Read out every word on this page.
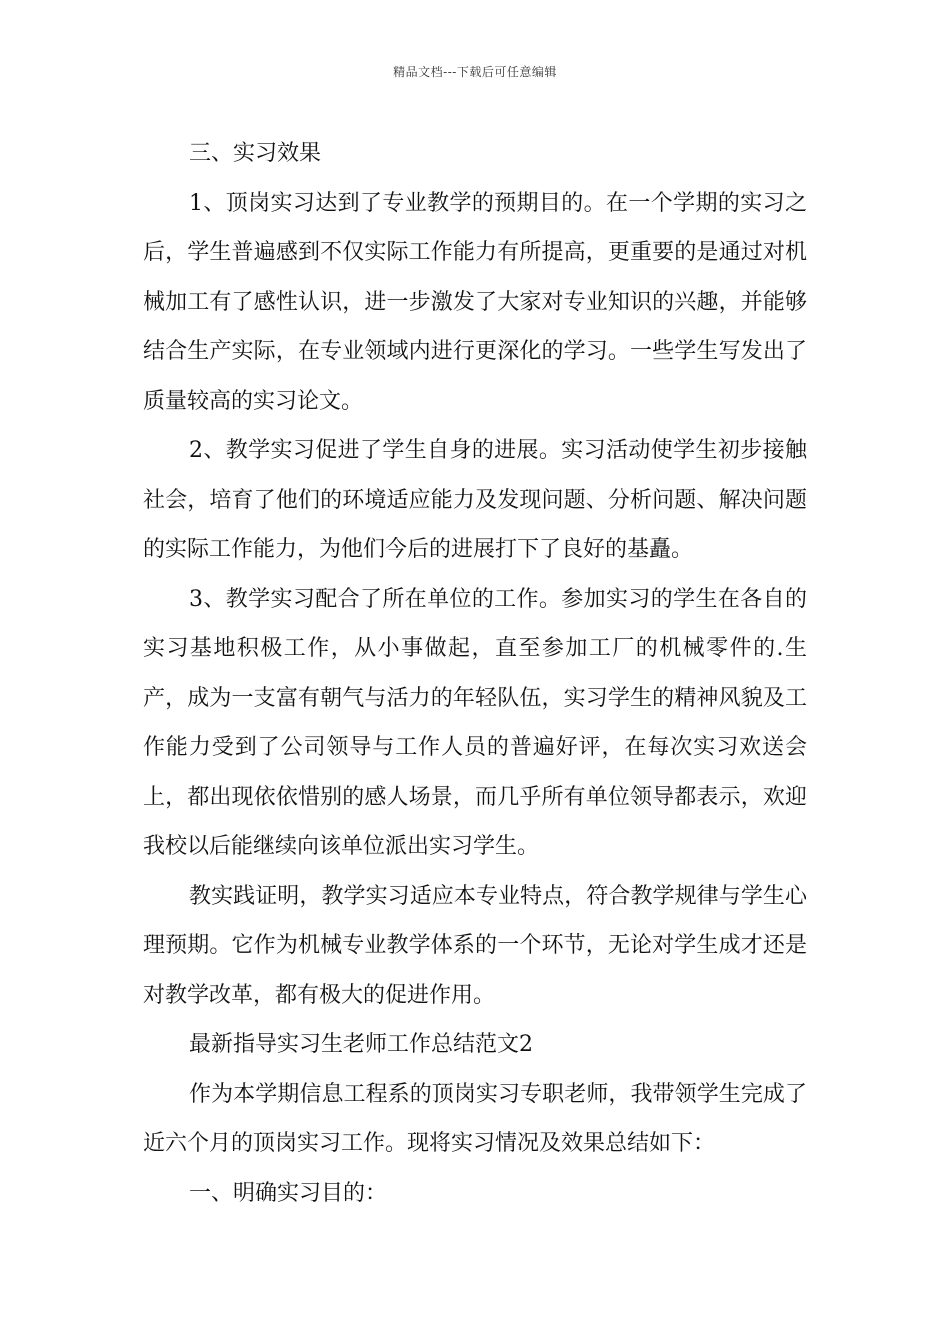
精品文档---下载后可任意编辑

三、实习效果

1、顶岗实习达到了专业教学的预期目的。在一个学期的实习之后，学生普遍感到不仅实际工作能力有所提高，更重要的是通过对机械加工有了感性认识，进一步激发了大家对专业知识的兴趣，并能够结合生产实际，在专业领域内进行更深化的学习。一些学生写发出了质量较高的实习论文。

2、教学实习促进了学生自身的进展。实习活动使学生初步接触社会，培育了他们的环境适应能力及发现问题、分析问题、解决问题的实际工作能力，为他们今后的进展打下了良好的基矗。

3、教学实习配合了所在单位的工作。参加实习的学生在各自的实习基地积极工作，从小事做起，直至参加工厂的机械零件的.生产，成为一支富有朝气与活力的年轻队伍，实习学生的精神风貌及工作能力受到了公司领导与工作人员的普遍好评，在每次实习欢送会上，都出现依依惜别的感人场景，而几乎所有单位领导都表示，欢迎我校以后能继续向该单位派出实习学生。

教实践证明，教学实习适应本专业特点，符合教学规律与学生心理预期。它作为机械专业教学体系的一个环节，无论对学生成才还是对教学改革，都有极大的促进作用。

最新指导实习生老师工作总结范文2

作为本学期信息工程系的顶岗实习专职老师，我带领学生完成了近六个月的顶岗实习工作。现将实习情况及效果总结如下：

一、明确实习目的：
